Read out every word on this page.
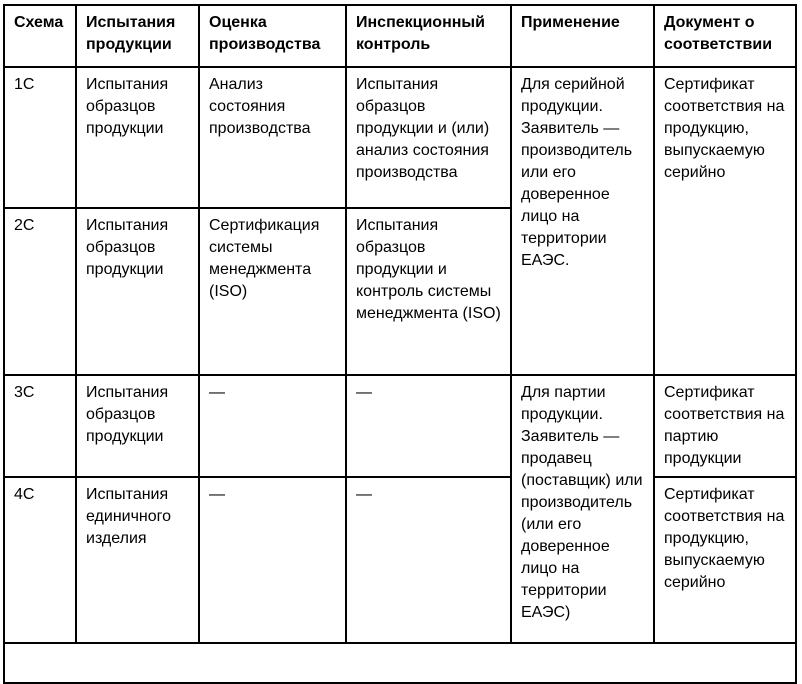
Схема	Испытания продукции	Оценка производства	Инспекционный контроль	Применение	Документ о соответствии
1С	Испытания образцов продукции	Анализ состояния производства	Испытания образцов продукции и (или) анализ состояния производства	Для серийной продукции. Заявитель — производитель или его доверенное лицо на территории ЕАЭС.	Сертификат соответствия на продукцию, выпускаемую серийно
2С	Испытания образцов продукции	Сертификация системы менеджмента (ISO)	Испытания образцов продукции и контроль системы менеджмента (ISO)		
3С	Испытания образцов продукции	—	—	Для партии продукции. Заявитель — продавец (поставщик) или производитель (или его доверенное лицо на территории ЕАЭС)	Сертификат соответствия на партию продукции
4С	Испытания единичного изделия	—	—		Сертификат соответствия на продукцию, выпускаемую серийно
